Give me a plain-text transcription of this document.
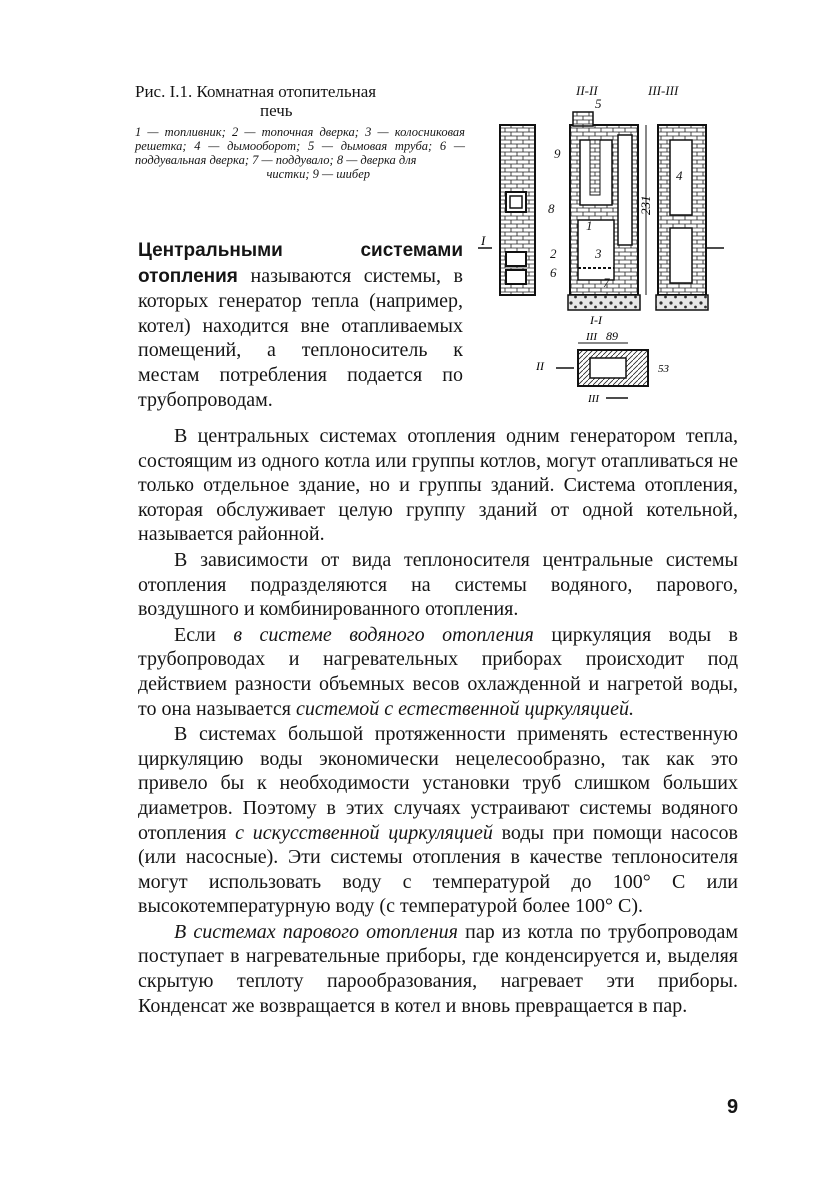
Рис. I.1. Комнатная отопительная
печь
1 — топливник; 2 — топочная дверка; 3 — колосниковая решетка; 4 — дымооборот; 5 — дымовая труба; 6 — поддувальная дверка; 7 — поддувало; 8 — дверка для
чистки; 9 — шибер
II-II	III-III
I
231
5
9
8
1
2	3
6
7
4
I-I
III 89
II	53
III
Центральными системами отопления называются системы, в которых генератор тепла (например, котел) находится вне отапливаемых помещений, а теплоноситель к местам потребления подается по трубопроводам.

В центральных системах отопления одним генератором тепла, состоящим из одного котла или группы котлов, могут отапливаться не только отдельное здание, но и группы зданий. Система отопления, которая обслуживает целую группу зданий от одной котельной, называется районной.

В зависимости от вида теплоносителя центральные системы отопления подразделяются на системы водяного, парового, воздушного и комбинированного отопления.

Если в системе водяного отопления циркуляция воды в трубопроводах и нагревательных приборах происходит под действием разности объемных весов охлажденной и нагретой воды, то она называется системой с естественной циркуляцией.

В системах большой протяженности применять естественную циркуляцию воды экономически нецелесообразно, так как это привело бы к необходимости установки труб слишком больших диаметров. Поэтому в этих случаях устраивают системы водяного отопления с искусственной циркуляцией воды при помощи насосов (или насосные). Эти системы отопления в качестве теплоносителя могут использовать воду с температурой до 100° С или высокотемпературную воду (с температурой более 100° С).

В системах парового отопления пар из котла по трубопроводам поступает в нагревательные приборы, где конденсируется и, выделяя скрытую теплоту парообразования, нагревает эти приборы. Конденсат же возвращается в котел и вновь превращается в пар.

9
